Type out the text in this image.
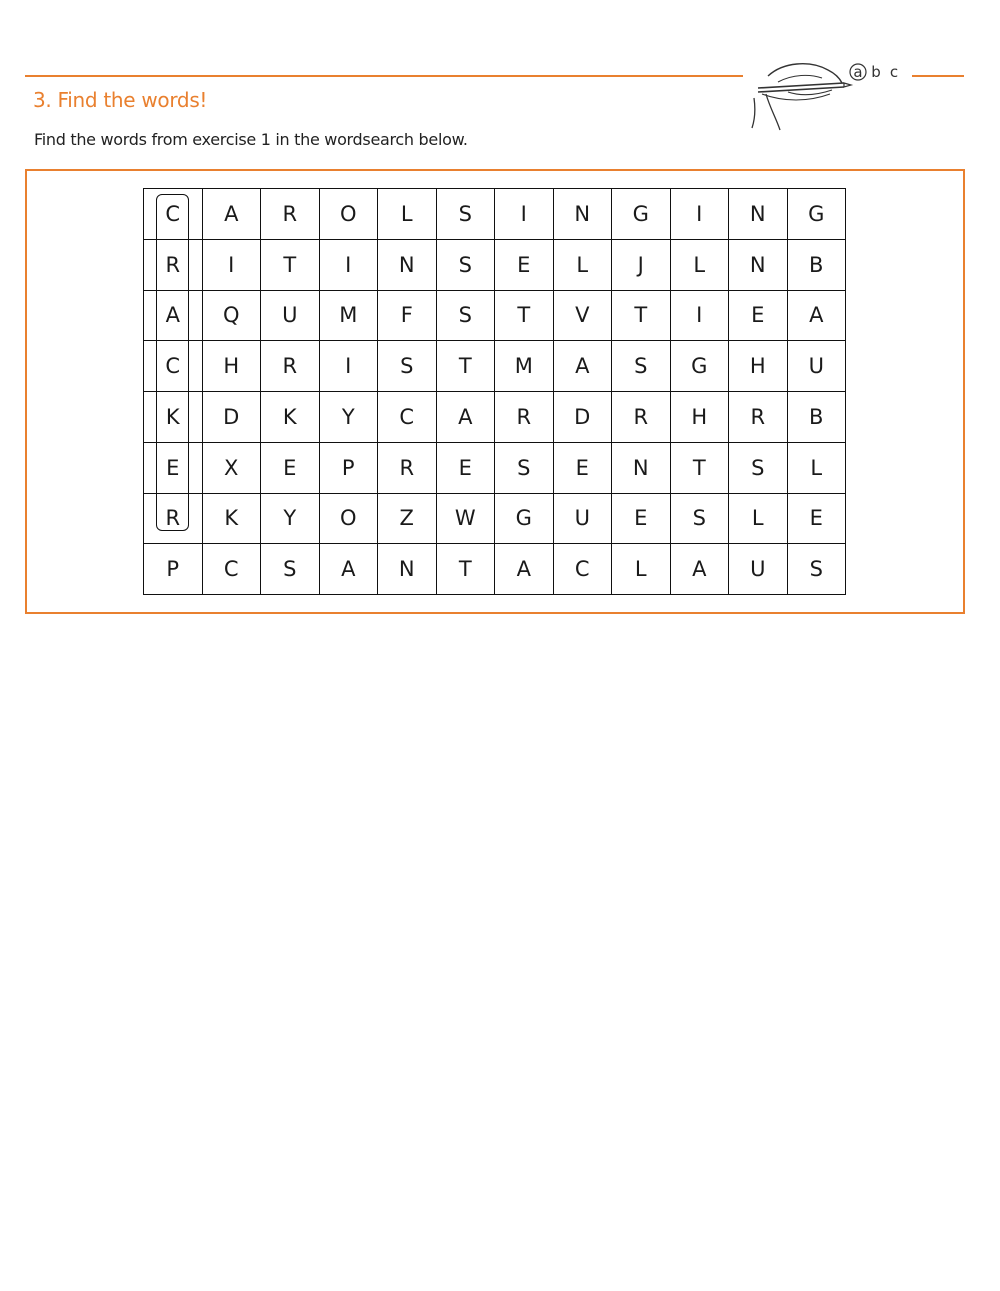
a b c
3. Find the words!
Find the words from exercise 1 in the wordsearch below.
C	A	R	O	L	S	I	N	G	I	N	G
R	I	T	I	N	S	E	L	J	L	N	B
A	Q	U	M	F	S	T	V	T	I	E	A
C	H	R	I	S	T	M	A	S	G	H	U
K	D	K	Y	C	A	R	D	R	H	R	B
E	X	E	P	R	E	S	E	N	T	S	L
R	K	Y	O	Z	W	G	U	E	S	L	E
P	C	S	A	N	T	A	C	L	A	U	S
